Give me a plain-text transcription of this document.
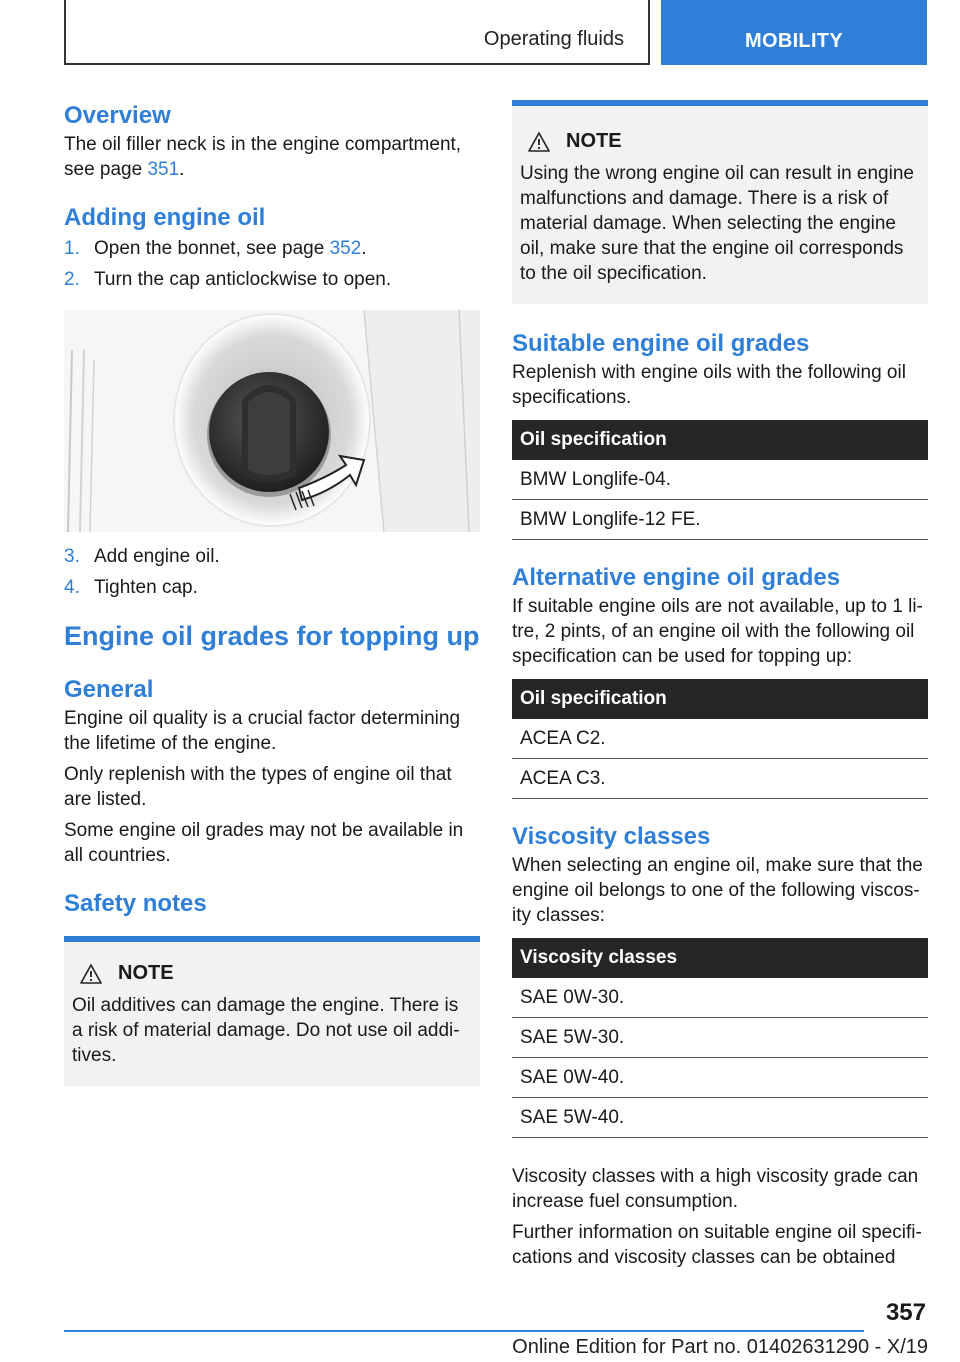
Operating fluids	MOBILITY
Overview
The oil filler neck is in the engine compartment, see page 351.
Adding engine oil
1. Open the bonnet, see page 352.
2. Turn the cap anticlockwise to open.
3. Add engine oil.
4. Tighten cap.
Engine oil grades for topping up
General
Engine oil quality is a crucial factor determining the lifetime of the engine.
Only replenish with the types of engine oil that are listed.
Some engine oil grades may not be available in all countries.
Safety notes
NOTE
Oil additives can damage the engine. There is a risk of material damage. Do not use oil addi‐tives.
NOTE
Using the wrong engine oil can result in engine malfunctions and damage. There is a risk of material damage. When selecting the engine oil, make sure that the engine oil corresponds to the oil specification.
Suitable engine oil grades
Replenish with engine oils with the following oil specifications.
Oil specification
BMW Longlife-04.
BMW Longlife-12 FE.
Alternative engine oil grades
If suitable engine oils are not available, up to 1 li‐tre, 2 pints, of an engine oil with the following oil specification can be used for topping up:
Oil specification
ACEA C2.
ACEA C3.
Viscosity classes
When selecting an engine oil, make sure that the engine oil belongs to one of the following viscos‐ity classes:
Viscosity classes
SAE 0W-30.
SAE 5W-30.
SAE 0W-40.
SAE 5W-40.
Viscosity classes with a high viscosity grade can increase fuel consumption.
Further information on suitable engine oil specifi‐cations and viscosity classes can be obtained
357
Online Edition for Part no. 01402631290 - X/19
